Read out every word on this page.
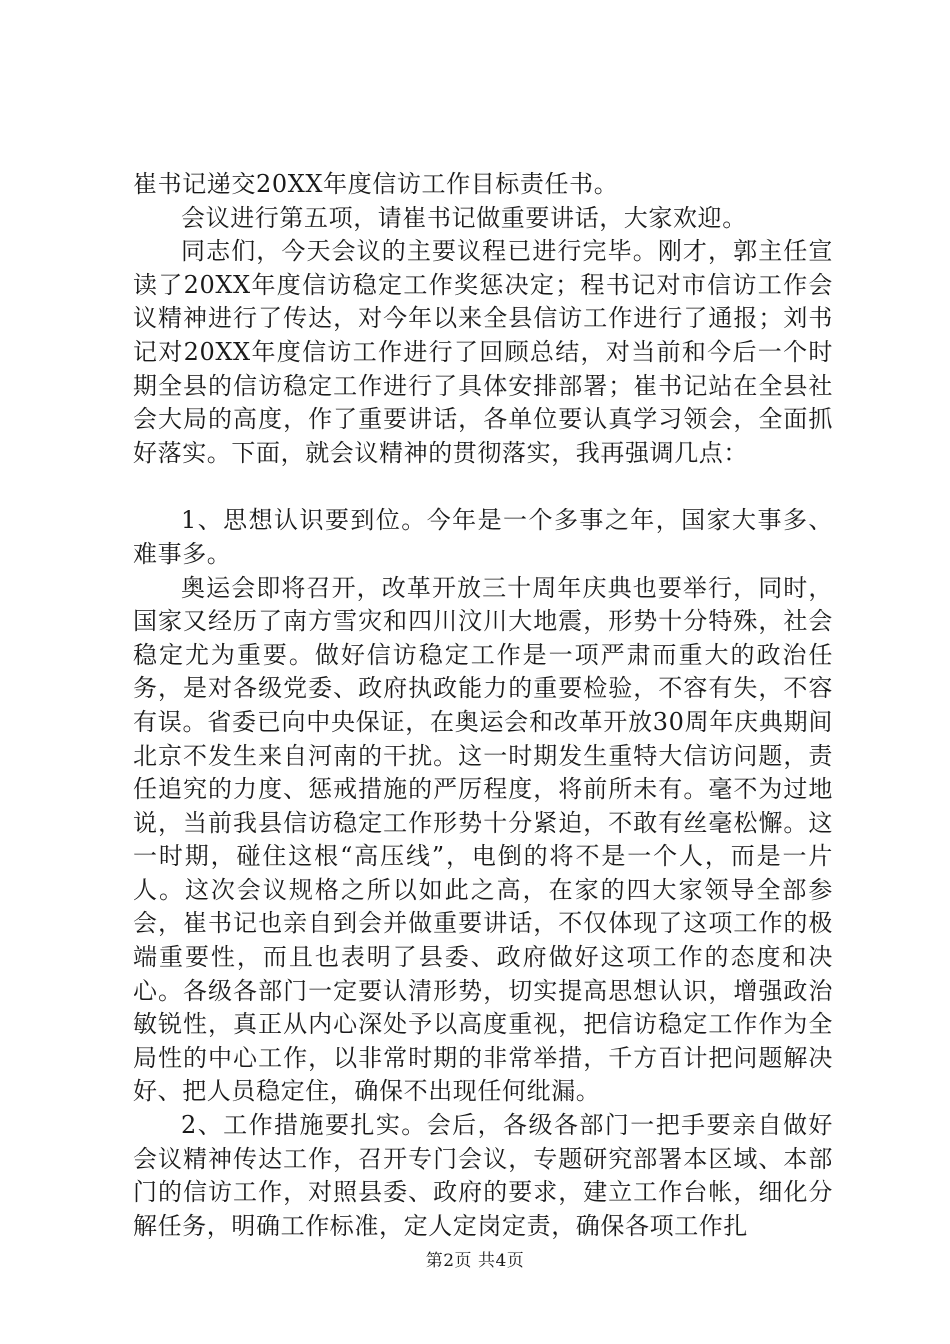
崔书记递交20XX年度信访工作目标责任书。

会议进行第五项，请崔书记做重要讲话，大家欢迎。

同志们，今天会议的主要议程已进行完毕。刚才，郭主任宣读了20XX年度信访稳定工作奖惩决定；程书记对市信访工作会议精神进行了传达，对今年以来全县信访工作进行了通报；刘书记对20XX年度信访工作进行了回顾总结，对当前和今后一个时期全县的信访稳定工作进行了具体安排部署；崔书记站在全县社会大局的高度，作了重要讲话，各单位要认真学习领会，全面抓好落实。下面，就会议精神的贯彻落实，我再强调几点：

1、思想认识要到位。今年是一个多事之年，国家大事多、难事多。

奥运会即将召开，改革开放三十周年庆典也要举行，同时，国家又经历了南方雪灾和四川汶川大地震，形势十分特殊，社会稳定尤为重要。做好信访稳定工作是一项严肃而重大的政治任务，是对各级党委、政府执政能力的重要检验，不容有失，不容有误。省委已向中央保证，在奥运会和改革开放30周年庆典期间北京不发生来自河南的干扰。这一时期发生重特大信访问题，责任追究的力度、惩戒措施的严厉程度，将前所未有。毫不为过地说，当前我县信访稳定工作形势十分紧迫，不敢有丝毫松懈。这一时期，碰住这根“高压线”，电倒的将不是一个人，而是一片人。这次会议规格之所以如此之高，在家的四大家领导全部参会，崔书记也亲自到会并做重要讲话，不仅体现了这项工作的极端重要性，而且也表明了县委、政府做好这项工作的态度和决心。各级各部门一定要认清形势，切实提高思想认识，增强政治敏锐性，真正从内心深处予以高度重视，把信访稳定工作作为全局性的中心工作，以非常时期的非常举措，千方百计把问题解决好、把人员稳定住，确保不出现任何纰漏。

2、工作措施要扎实。会后，各级各部门一把手要亲自做好会议精神传达工作，召开专门会议，专题研究部署本区域、本部门的信访工作，对照县委、政府的要求，建立工作台帐，细化分解任务，明确工作标准，定人定岗定责，确保各项工作扎

第2页 共4页
